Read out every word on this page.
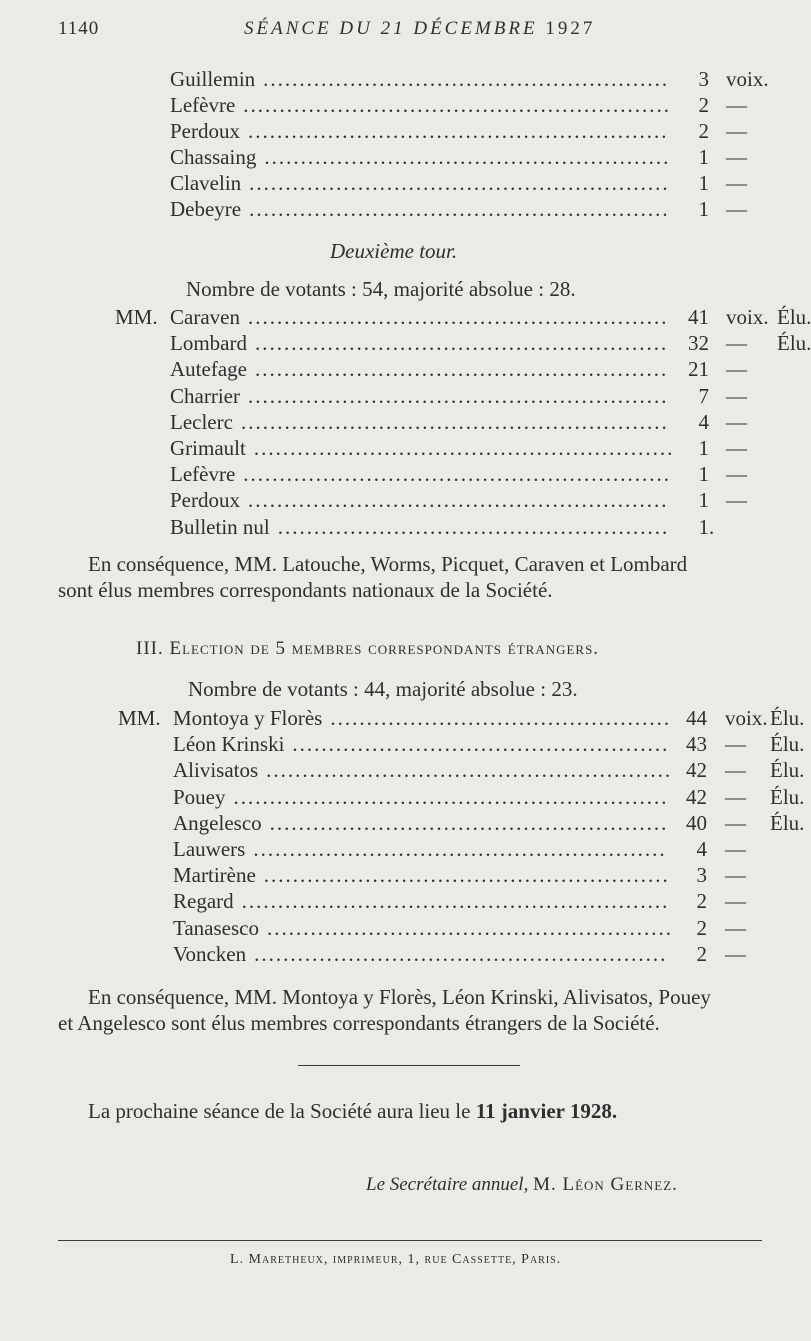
1140	SÉANCE DU 21 DÉCEMBRE 1927
Guillemin ........................................................	3 voix.
Lefèvre ...........................................................	2 —
Perdoux ..........................................................	2 —
Chassaing ........................................................	1 —
Clavelin ..........................................................	1 —
Debeyre ..........................................................	1 —
Deuxième tour.
Nombre de votants : 54, majorité absolue : 28.
MM. Caraven .......................................................... 41 voix. Élu.
Lombard ......................................................... 32 — Élu.
Autefage ......................................................... 21 —
Charrier ..........................................................	7 —
Leclerc ...........................................................	4 —
Grimault ..........................................................	1 —
Lefèvre ...........................................................	1 —
Perdoux ..........................................................	1 —
Bulletin nul ......................................................	1 .
En conséquence, MM. Latouche, Worms, Picquet, Caraven et Lombard
sont élus membres correspondants nationaux de la Société.
III. Election de 5 membres correspondants étrangers.
Nombre de votants : 44, majorité absolue : 23.
MM. Montoya y Florès ............................................... 44 voix. Élu.
Léon Krinski .................................................... 43 — Élu.
Alivisatos ........................................................ 42 — Élu.
Pouey ............................................................ 42 — Élu.
Angelesco ....................................................... 40 — Élu.
Lauwers .........................................................	4 —
Martirène ........................................................	3 —
Regard ...........................................................	2 —
Tanasesco ........................................................	2 —
Voncken .........................................................	2 —
En conséquence, MM. Montoya y Florès, Léon Krinski, Alivisatos, Pouey
et Angelesco sont élus membres correspondants étrangers de la Société.
La prochaine séance de la Société aura lieu le 11 janvier 1928.
Le Secrétaire annuel, M. Léon Gernez.
L. Maretheux, imprimeur, 1, rue Cassette, Paris.
